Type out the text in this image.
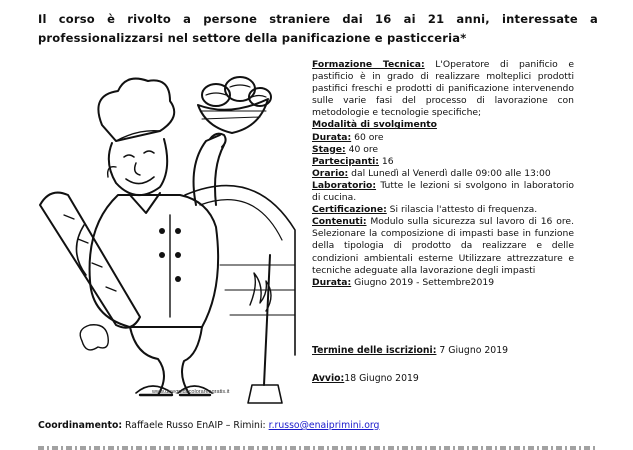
Il corso è rivolto a persone straniere dai 16 ai 21 anni, interessate a professionalizzarsi nel settore della panificazione e pasticceria*
www.disegnidacolorareagratis.it

Formazione Tecnica: L'Operatore di panificio e pastificio è in grado di realizzare molteplici prodotti pastifici freschi e prodotti di panificazione intervenendo sulle varie fasi del processo di lavorazione con metodologie e tecnologie specifiche;

Modalità di svolgimento

Durata: 60 ore

Stage: 40 ore

Partecipanti: 16

Orario: dal Lunedì al Venerdì dalle 09:00 alle 13:00

Laboratorio: Tutte le lezioni si svolgono in laboratorio di cucina.

Certificazione: Si rilascia l'attesto di frequenza.

Contenuti: Modulo sulla sicurezza sul lavoro di 16 ore. Selezionare la composizione di impasti base in funzione della tipologia di prodotto da realizzare e delle condizioni ambientali esterne Utilizzare attrezzature e tecniche adeguate alla lavorazione degli impasti

Durata: Giugno 2019 - Settembre2019

Termine delle iscrizioni: 7 Giugno 2019
Avvio:18 Giugno 2019
Coordinamento: Raffaele Russo EnAIP – Rimini: r.russo@enaiprimini.org
